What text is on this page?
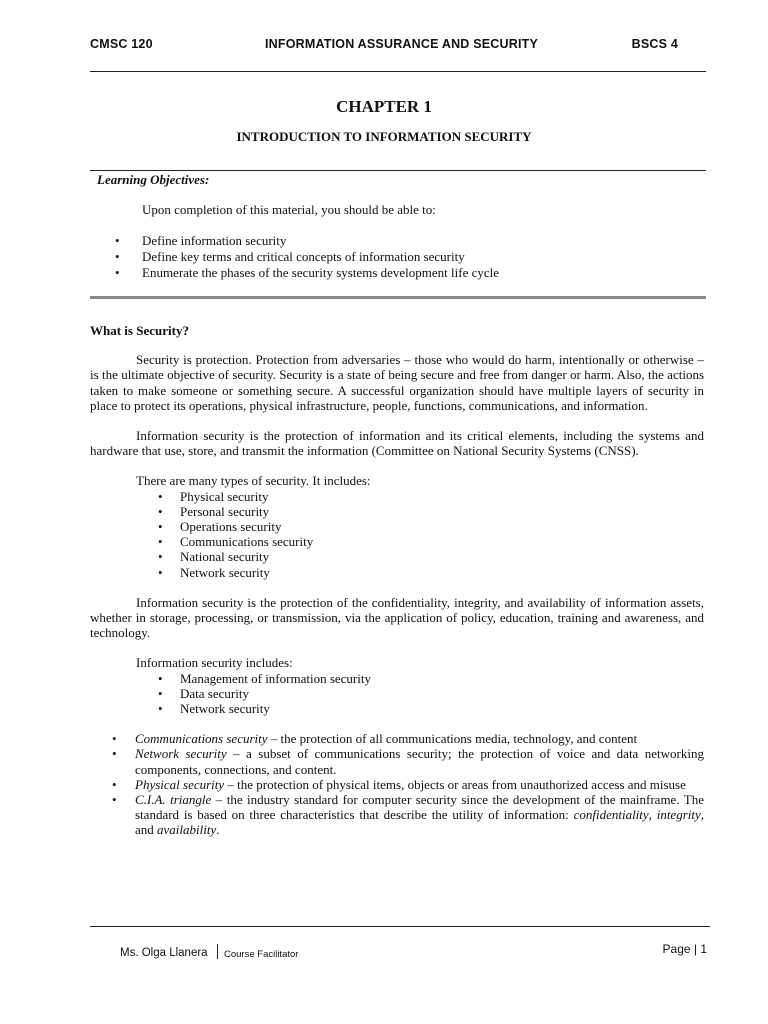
CMSC 120	INFORMATION ASSURANCE AND SECURITY	BSCS 4
CHAPTER 1
INTRODUCTION TO INFORMATION SECURITY
Learning Objectives:
Upon completion of this material, you should be able to:
• Define information security
• Define key terms and critical concepts of information security
• Enumerate the phases of the security systems development life cycle

What is Security?

Security is protection. Protection from adversaries – those who would do harm, intentionally or otherwise – is the ultimate objective of security. Security is a state of being secure and free from danger or harm. Also, the actions taken to make someone or something secure. A successful organization should have multiple layers of security in place to protect its operations, physical infrastructure, people, functions, communications, and information.

Information security is the protection of information and its critical elements, including the systems and hardware that use, store, and transmit the information (Committee on National Security Systems (CNSS).

There are many types of security. It includes:

• Physical security
• Personal security
• Operations security
• Communications security
• National security
• Network security

Information security is the protection of the confidentiality, integrity, and availability of information assets, whether in storage, processing, or transmission, via the application of policy, education, training and awareness, and technology.

Information security includes:

• Management of information security
• Data security
• Network security
• Communications security – the protection of all communications media, technology, and content
• Network security – a subset of communications security; the protection of voice and data networking components, connections, and content.
• Physical security – the protection of physical items, objects or areas from unauthorized access and misuse
• C.I.A. triangle – the industry standard for computer security since the development of the mainframe. The standard is based on three characteristics that describe the utility of information: confidentiality, integrity, and availability.
Ms. Olga Llanera Course Facilitator	Page | 1
